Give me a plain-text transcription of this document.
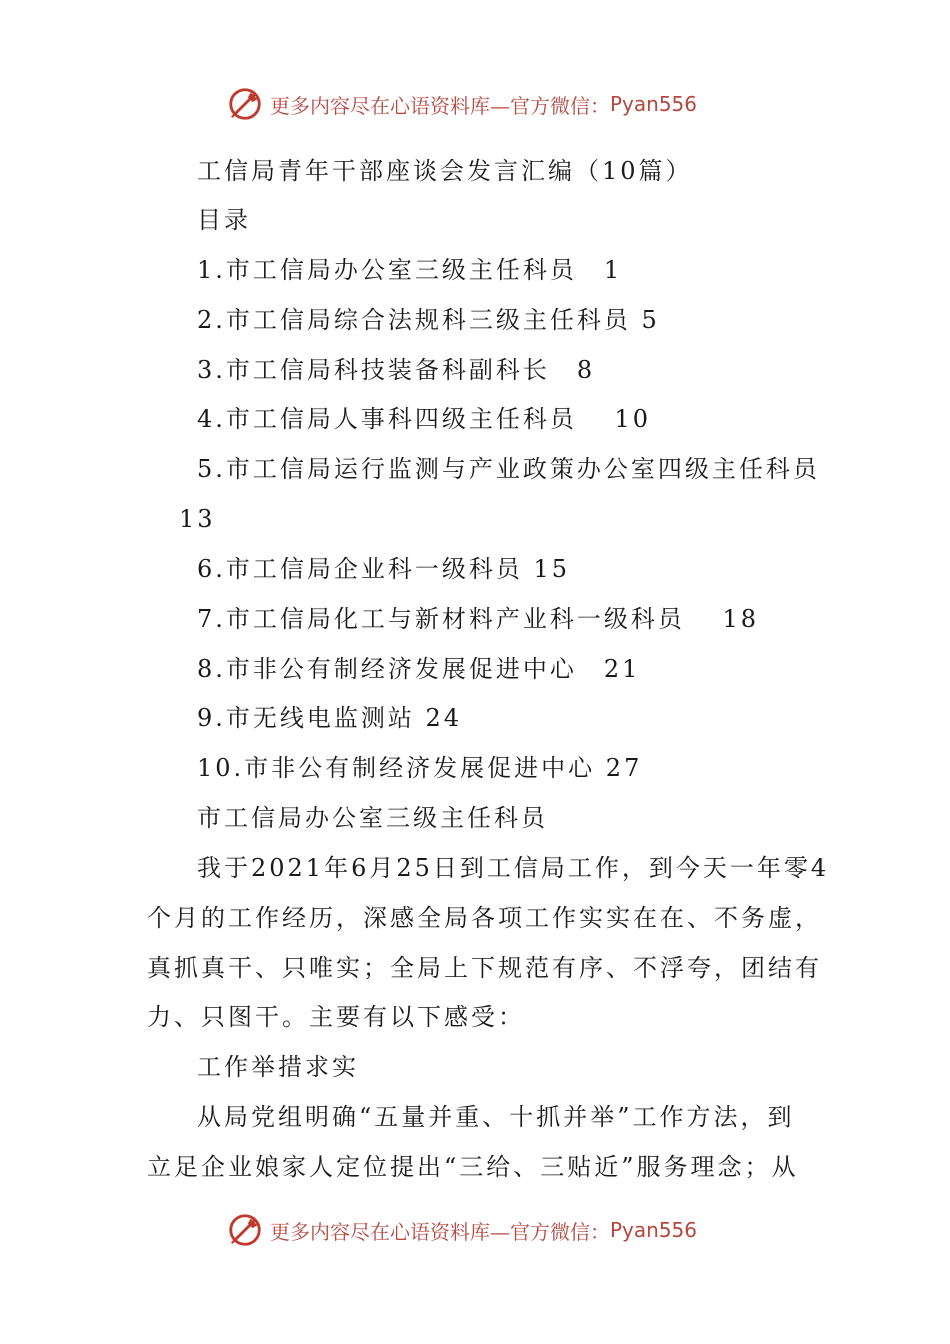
更多内容尽在心语资料库—官方微信： Pyan556

工信局青年干部座谈会发言汇编（10篇）

目录

1.市工信局办公室三级主任科员　1

2.市工信局综合法规科三级主任科员 5

3.市工信局科技装备科副科长　8

4.市工信局人事科四级主任科员　 10

5.市工信局运行监测与产业政策办公室四级主任科员

13

6.市工信局企业科一级科员 15

7.市工信局化工与新材料产业科一级科员　 18

8.市非公有制经济发展促进中心　21

9.市无线电监测站 24

10.市非公有制经济发展促进中心 27

市工信局办公室三级主任科员

我于2021年6月25日到工信局工作，到今天一年零4

个月的工作经历，深感全局各项工作实实在在、不务虚，

真抓真干、只唯实；全局上下规范有序、不浮夸，团结有

力、只图干。主要有以下感受：

工作举措求实

从局党组明确“五量并重、十抓并举”工作方法，到

立足企业娘家人定位提出“三给、三贴近”服务理念；从

更多内容尽在心语资料库—官方微信： Pyan556
